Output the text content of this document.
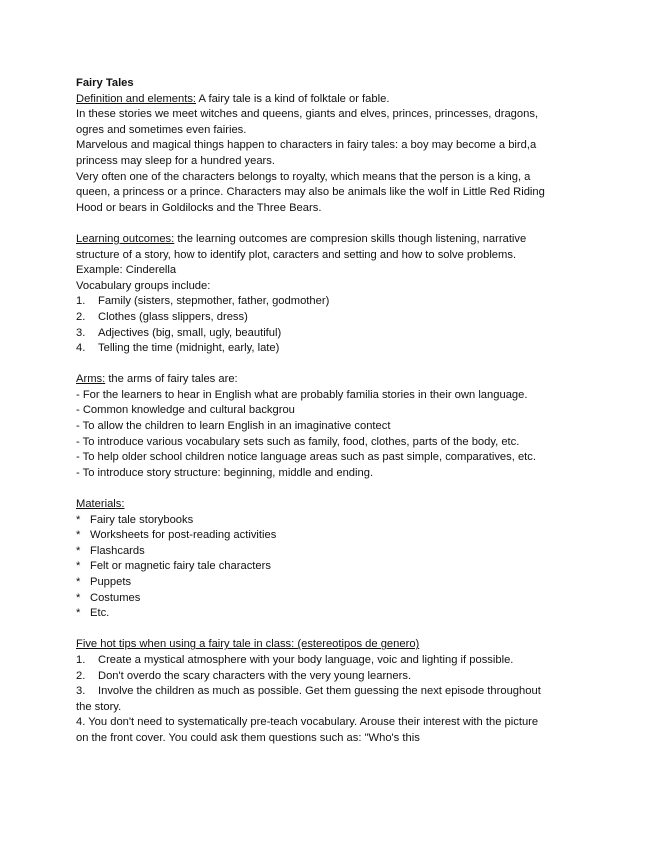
Fairy Tales
Definition and elements: A fairy tale is a kind of folktale or fable.
In these stories we meet witches and queens, giants and elves, princes, princesses, dragons,
ogres and sometimes even fairies.
Marvelous and magical things happen to characters in fairy tales: a boy may become a bird,a
princess may sleep for a hundred years.
Very often one of the characters belongs to royalty, which means that the person is a king, a
queen, a princess or a prince. Characters may also be animals like the wolf in Little Red Riding
Hood or bears in Goldilocks and the Three Bears.
Learning outcomes: the learning outcomes are compresion skills though listening, narrative
structure of a story, how to identify plot, caracters and setting and how to solve problems.
Example: Cinderella
Vocabulary groups include:
1. Family (sisters, stepmother, father, godmother)
2. Clothes (glass slippers, dress)
3. Adjectives (big, small, ugly, beautiful)
4. Telling the time (midnight, early, late)
Arms: the arms of fairy tales are:
- For the learners to hear in English what are probably familia stories in their own language.
- Common knowledge and cultural backgrou
- To allow the children to learn English in an imaginative contect
- To introduce various vocabulary sets such as family, food, clothes, parts of the body, etc.
- To help older school children notice language areas such as past simple, comparatives, etc.
- To introduce story structure: beginning, middle and ending.
Materials:
* Fairy tale storybooks
* Worksheets for post-reading activities
* Flashcards
* Felt or magnetic fairy tale characters
* Puppets
* Costumes
* Etc.
Five hot tips when using a fairy tale in class: (estereotipos de genero)
1. Create a mystical atmosphere with your body language, voic and lighting if possible.
2. Don't overdo the scary characters with the very young learners.
3. Involve the children as much as possible. Get them guessing the next episode throughout
the story.
4. You don't need to systematically pre-teach vocabulary. Arouse their interest with the picture
on the front cover. You could ask them questions such as: "Who's this
